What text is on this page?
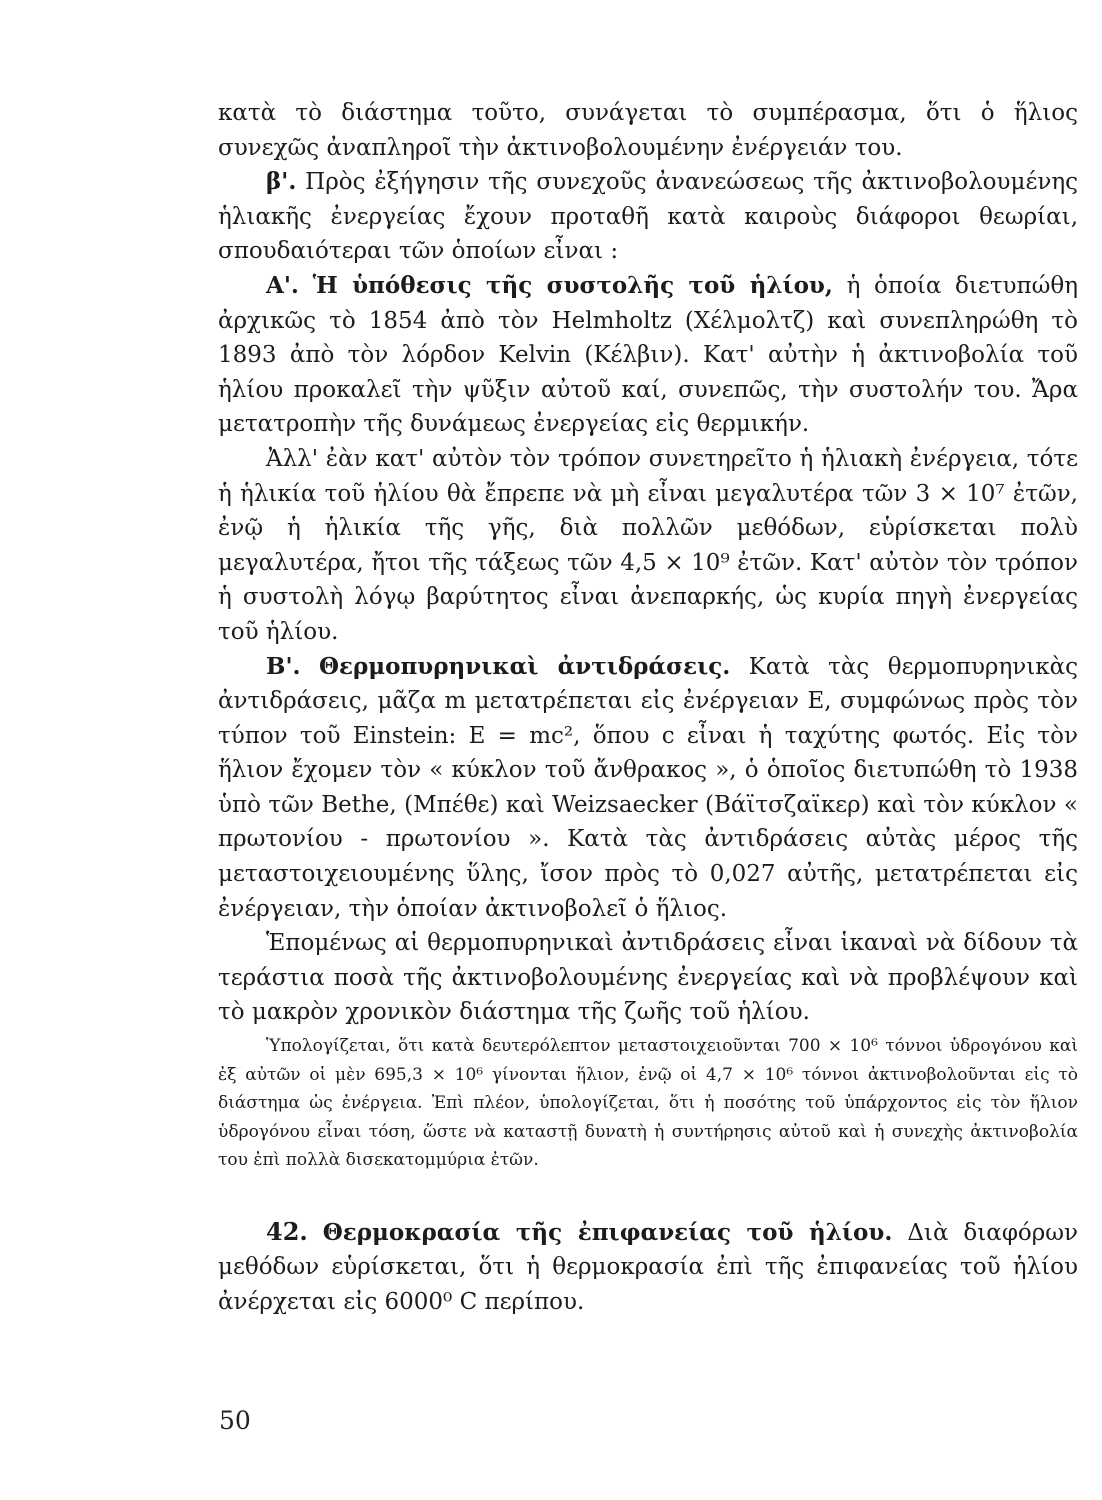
κατὰ τὸ διάστημα τοῦτο, συνάγεται τὸ συμπέρασμα, ὅτι ὁ ἥλιος συνεχῶς ἀναπληροῖ τὴν ἀκτινοβολουμένην ἐνέργειάν του.

β'. Πρὸς ἐξήγησιν τῆς συνεχοῦς ἀνανεώσεως τῆς ἀκτινοβολουμένης ἡλιακῆς ἐνεργείας ἔχουν προταθῆ κατὰ καιροὺς διάφοροι θεωρίαι, σπουδαιότεραι τῶν ὁποίων εἶναι :

Α'. Ἡ ὑπόθεσις τῆς συστολῆς τοῦ ἡλίου, ἡ ὁποία διετυπώθη ἀρχικῶς τὸ 1854 ἀπὸ τὸν Helmholtz (Χέλμολτζ) καὶ συνεπληρώθη τὸ 1893 ἀπὸ τὸν λόρδον Kelvin (Κέλβιν). Κατ' αὐτὴν ἡ ἀκτινοβολία τοῦ ἡλίου προκαλεῖ τὴν ψῦξιν αὐτοῦ καί, συνεπῶς, τὴν συστολήν του. Ἄρα μετατροπὴν τῆς δυνάμεως ἐνεργείας εἰς θερμικήν.

Ἀλλ' ἐὰν κατ' αὐτὸν τὸν τρόπον συνετηρεῖτο ἡ ἡλιακὴ ἐνέργεια, τότε ἡ ἡλικία τοῦ ἡλίου θὰ ἔπρεπε νὰ μὴ εἶναι μεγαλυτέρα τῶν 3 × 10⁷ ἐτῶν, ἐνῷ ἡ ἡλικία τῆς γῆς, διὰ πολλῶν μεθόδων, εὑρίσκεται πολὺ μεγαλυτέρα, ἤτοι τῆς τάξεως τῶν 4,5 × 10⁹ ἐτῶν. Κατ' αὐτὸν τὸν τρόπον ἡ συστολὴ λόγῳ βαρύτητος εἶναι ἀνεπαρκής, ὡς κυρία πηγὴ ἐνεργείας τοῦ ἡλίου.

Β'. Θερμοπυρηνικαὶ ἀντιδράσεις. Κατὰ τὰς θερμοπυρηνικὰς ἀντιδράσεις, μᾶζα m μετατρέπεται εἰς ἐνέργειαν Ε, συμφώνως πρὸς τὸν τύπον τοῦ Einstein: Ε = mc², ὅπου c εἶναι ἡ ταχύτης φωτός. Εἰς τὸν ἥλιον ἔχομεν τὸν « κύκλον τοῦ ἄνθρακος », ὁ ὁποῖος διετυπώθη τὸ 1938 ὑπὸ τῶν Bethe, (Μπέθε) καὶ Weizsaecker (Βάϊτσζαϊκερ) καὶ τὸν κύκλον « πρωτονίου - πρωτονίου ». Κατὰ τὰς ἀντιδράσεις αὐτὰς μέρος τῆς μεταστοιχειουμένης ὕλης, ἴσον πρὸς τὸ 0,027 αὐτῆς, μετατρέπεται εἰς ἐνέργειαν, τὴν ὁποίαν ἀκτινοβολεῖ ὁ ἥλιος.

Ἑπομένως αἱ θερμοπυρηνικαὶ ἀντιδράσεις εἶναι ἱκαναὶ νὰ δίδουν τὰ τεράστια ποσὰ τῆς ἀκτινοβολουμένης ἐνεργείας καὶ νὰ προβλέψουν καὶ τὸ μακρὸν χρονικὸν διάστημα τῆς ζωῆς τοῦ ἡλίου.

Ὑπολογίζεται, ὅτι κατὰ δευτερόλεπτον μεταστοιχειοῦνται 700 × 10⁶ τόννοι ὑδρογόνου καὶ ἐξ αὐτῶν οἱ μὲν 695,3 × 10⁶ γίνονται ἥλιον, ἐνῷ οἱ 4,7 × 10⁶ τόννοι ἀκτινοβολοῦνται εἰς τὸ διάστημα ὡς ἐνέργεια. Ἐπὶ πλέον, ὑπολογίζεται, ὅτι ἡ ποσότης τοῦ ὑπάρχοντος εἰς τὸν ἥλιον ὑδρογόνου εἶναι τόση, ὥστε νὰ καταστῇ δυνατὴ ἡ συντήρησις αὐτοῦ καὶ ἡ συνεχὴς ἀκτινοβολία του ἐπὶ πολλὰ δισεκατομμύρια ἐτῶν.

42. Θερμοκρασία τῆς ἐπιφανείας τοῦ ἡλίου. Διὰ διαφόρων μεθόδων εὑρίσκεται, ὅτι ἡ θερμοκρασία ἐπὶ τῆς ἐπιφανείας τοῦ ἡλίου ἀνέρχεται εἰς 6000⁰ C περίπου.

50
